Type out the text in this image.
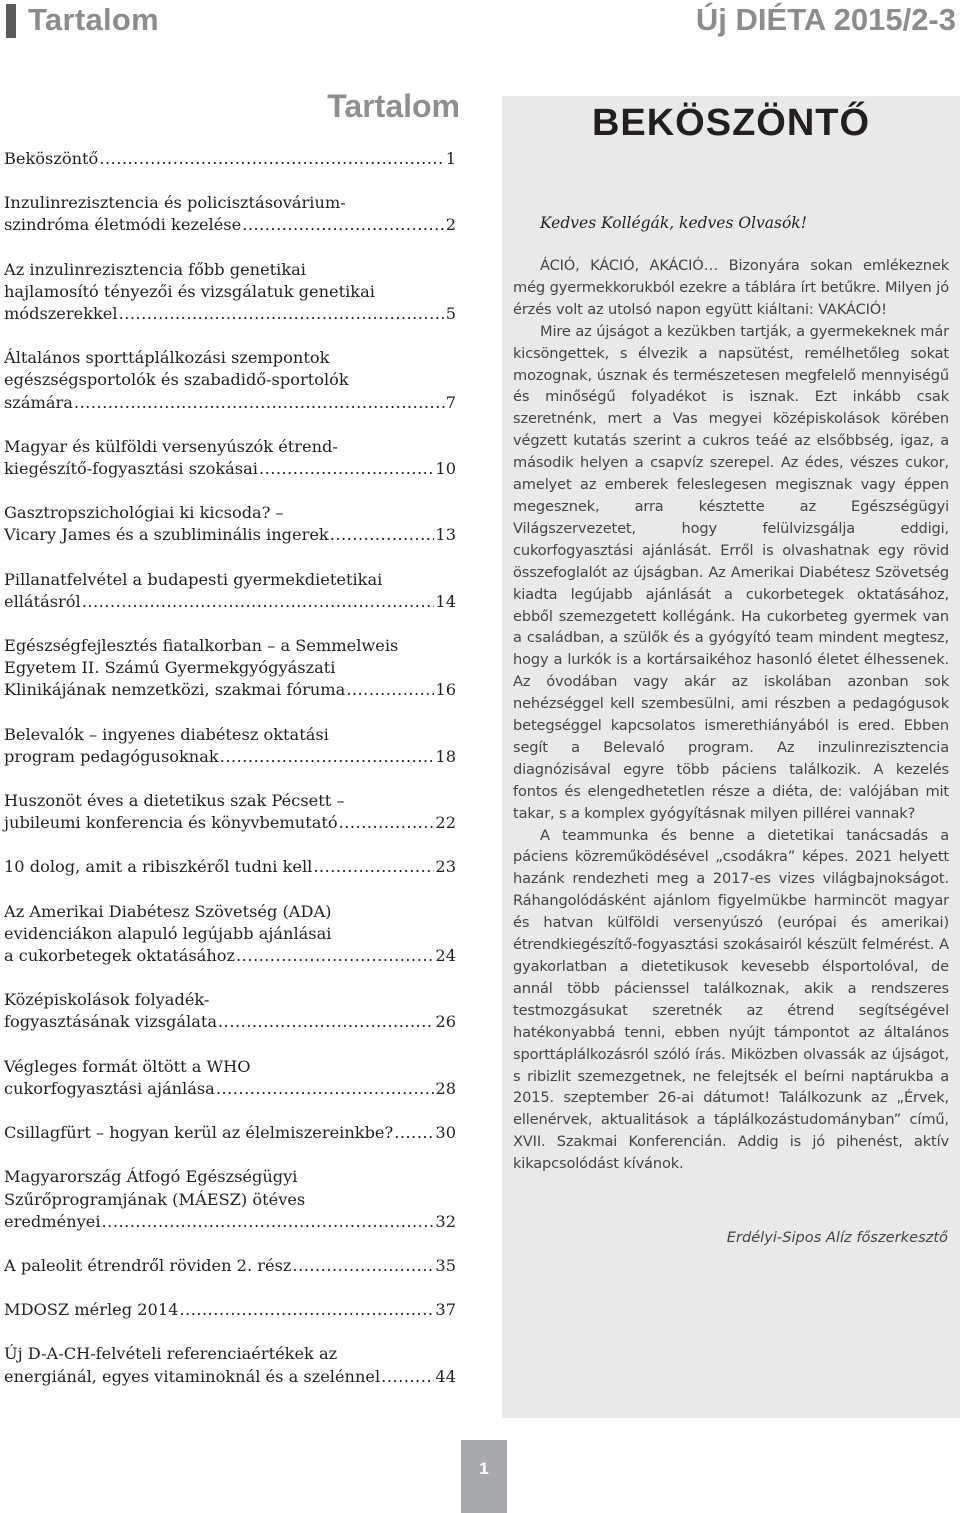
Tartalom	Új DIÉTA 2015/2-3
Tartalom
Beköszöntő .....	1
Inzulinrezisztencia és policisztásovárium-
szindróma életmódi kezelése .....	2
Az inzulinrezisztencia főbb genetikai
hajlamosító tényezői és vizsgálatuk genetikai
módszerekkel .....	5
Általános sporttáplálkozási szempontok
egészségsportolók és szabadidő-sportolók
számára .....	7
Magyar és külföldi versenyúszók étrend-
kiegészítő-fogyasztási szokásai .....	10
Gasztropszichológiai ki kicsoda? –
Vicary James és a szubliminális ingerek .....	13
Pillanatfelvétel a budapesti gyermekdietetikai
ellátásról .....	14
Egészségfejlesztés fiatalkorban – a Semmelweis
Egyetem II. Számú Gyermekgyógyászati
Klinikájának nemzetközi, szakmai fóruma .....	16
Belevalók – ingyenes diabétesz oktatási
program pedagógusoknak .....	18
Huszonöt éves a dietetikus szak Pécsett –
jubileumi konferencia és könyvbemutató .....	22
10 dolog, amit a ribiszkéről tudni kell .....	23
Az Amerikai Diabétesz Szövetség (ADA)
evidenciákon alapuló legújabb ajánlásai
a cukorbetegek oktatásához .....	24
Középiskolások folyadék-
fogyasztásának vizsgálata .....	26
Végleges formát öltött a WHO
cukorfogyasztási ajánlása .....	28
Csillagfürt – hogyan kerül az élelmiszereinkbe? .....	30
Magyarország Átfogó Egészségügyi
Szűrőprogramjának (MÁESZ) ötéves
eredményei .....	32
A paleolit étrendről röviden 2. rész .....	35
MDOSZ mérleg 2014 .....	37
Új D-A-CH-felvételi referenciaértékek az
energiánál, egyes vitaminoknál és a szelénnel .....	44
BEKÖSZÖNTŐ
Kedves Kollégák, kedves Olvasók!

ÁCIÓ, KÁCIÓ, AKÁCIÓ… Bizonyára sokan emlékeznek még gyermekkorukból ezekre a táblára írt betűkre. Milyen jó érzés volt az utolsó napon együtt kiáltani: VAKÁCIÓ!

Mire az újságot a kezükben tartják, a gyermekeknek már kicsöngettek, s élvezik a napsütést, remélhetőleg sokat mozognak, úsznak és természetesen megfelelő mennyiségű és minőségű folyadékot is isznak. Ezt inkább csak szeretnénk, mert a Vas megyei középiskolások körében végzett kutatás szerint a cukros teáé az elsőbbség, igaz, a második helyen a csapvíz szerepel. Az édes, vészes cukor, amelyet az emberek feleslegesen megisznak vagy éppen megesznek, arra késztette az Egészségügyi Világszervezetet, hogy felülvizsgálja eddigi, cukorfogyasztási ajánlását. Erről is olvashatnak egy rövid összefoglalót az újságban. Az Amerikai Diabétesz Szövetség kiadta legújabb ajánlását a cukorbetegek oktatásához, ebből szemezgetett kollégánk. Ha cukorbeteg gyermek van a családban, a szülők és a gyógyító team mindent megtesz, hogy a lurkók is a kortársaikéhoz hasonló életet élhessenek. Az óvodában vagy akár az iskolában azonban sok nehézséggel kell szembesülni, ami részben a pedagógusok betegséggel kapcsolatos ismerethiányából is ered. Ebben segít a Belevaló program. Az inzulinrezisztencia diagnózisával egyre több páciens találkozik. A kezelés fontos és elengedhetetlen része a diéta, de: valójában mit takar, s a komplex gyógyításnak milyen pillérei vannak?

A teammunka és benne a dietetikai tanácsadás a páciens közreműködésével „csodákra” képes. 2021 helyett hazánk rendezheti meg a 2017-es vizes világbajnokságot. Ráhangolódásként ajánlom figyelmükbe harmincöt magyar és hatvan külföldi versenyúszó (európai és amerikai) étrendkiegészítő-fogyasztási szokásairól készült felmérést. A gyakorlatban a dietetikusok kevesebb élsportolóval, de annál több pácienssel találkoznak, akik a rendszeres testmozgásukat szeretnék az étrend segítségével hatékonyabbá tenni, ebben nyújt támpontot az általános sporttáplálkozásról szóló írás. Miközben olvassák az újságot, s ribizlit szemezgetnek, ne felejtsék el beírni naptárukba a 2015. szeptember 26-ai dátumot! Találkozunk az „Érvek, ellenérvek, aktualitások a táplálkozástudományban” című, XVII. Szakmai Konferencián. Addig is jó pihenést, aktív kikapcsolódást kívánok.

Erdélyi-Sipos Alíz főszerkesztő
1
